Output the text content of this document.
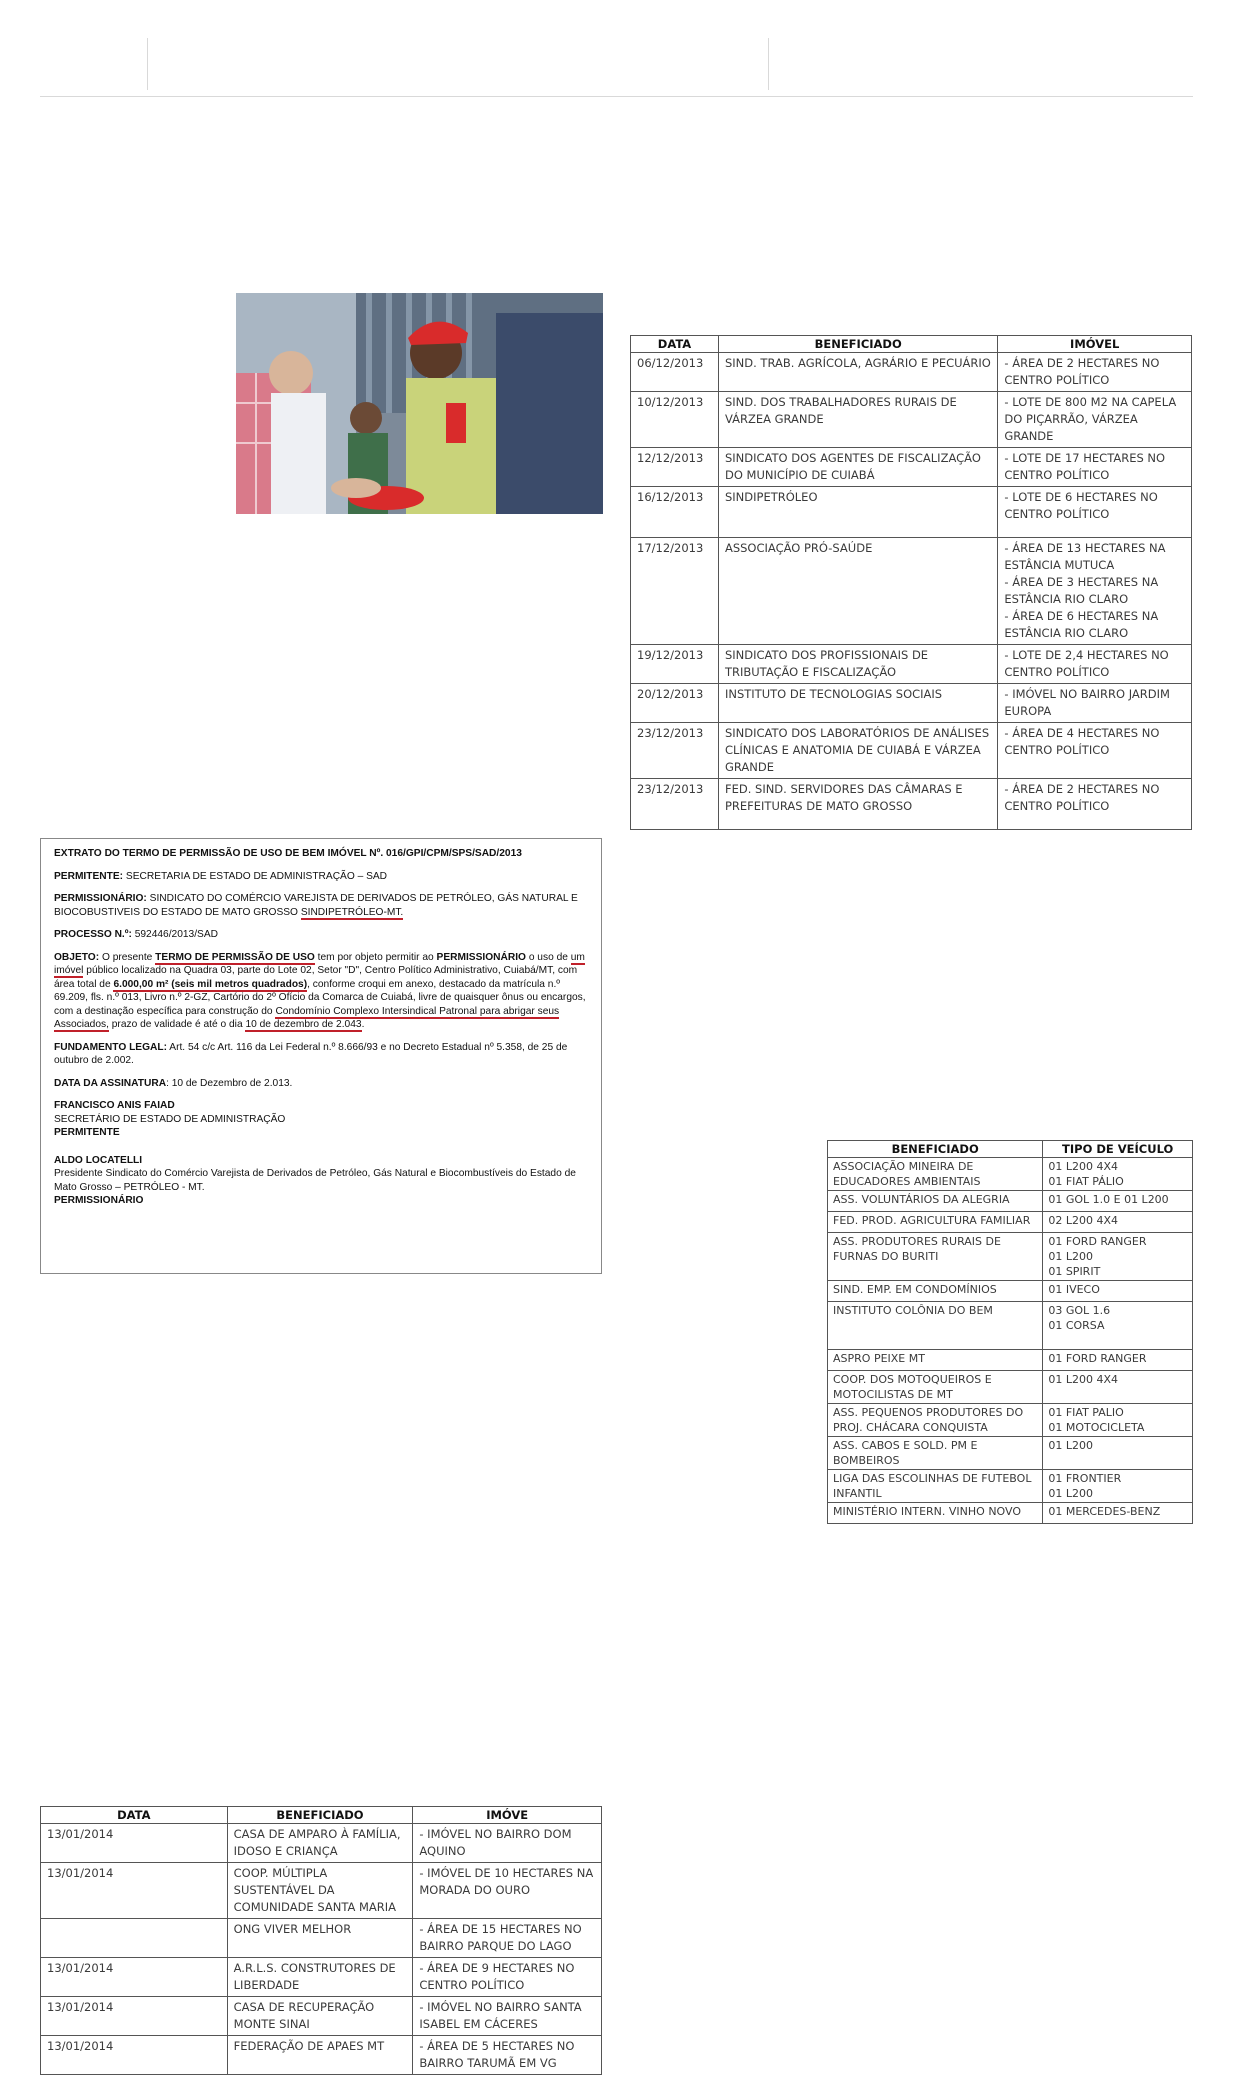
DATA	BENEFICIADO	IMÓVEL
06/12/2013	SIND. TRAB. AGRÍCOLA, AGRÁRIO E PECUÁRIO	- ÁREA DE 2 HECTARES NO CENTRO POLÍTICO
10/12/2013	SIND. DOS TRABALHADORES RURAIS DE VÁRZEA GRANDE	- LOTE DE 800 M2 NA CAPELA DO PIÇARRÃO, VÁRZEA GRANDE
12/12/2013	SINDICATO DOS AGENTES DE FISCALIZAÇÃO DO MUNICÍPIO DE CUIABÁ	- LOTE DE 17 HECTARES NO CENTRO POLÍTICO
16/12/2013	SINDIPETRÓLEO	- LOTE DE 6 HECTARES NO CENTRO POLÍTICO
17/12/2013	ASSOCIAÇÃO PRÓ-SAÚDE	- ÁREA DE 13 HECTARES NA ESTÂNCIA MUTUCA
- ÁREA DE 3 HECTARES NA ESTÂNCIA RIO CLARO
- ÁREA DE 6 HECTARES NA ESTÂNCIA RIO CLARO
19/12/2013	SINDICATO DOS PROFISSIONAIS DE TRIBUTAÇÃO E FISCALIZAÇÃO	- LOTE DE 2,4 HECTARES NO CENTRO POLÍTICO
20/12/2013	INSTITUTO DE TECNOLOGIAS SOCIAIS	- IMÓVEL NO BAIRRO JARDIM EUROPA
23/12/2013	SINDICATO DOS LABORATÓRIOS DE ANÁLISES CLÍNICAS E ANATOMIA DE CUIABÁ E VÁRZEA GRANDE	- ÁREA DE 4 HECTARES NO CENTRO POLÍTICO
23/12/2013	FED. SIND. SERVIDORES DAS CÂMARAS E PREFEITURAS DE MATO GROSSO	- ÁREA DE 2 HECTARES NO CENTRO POLÍTICO

EXTRATO DO TERMO DE PERMISSÃO DE USO DE BEM IMÓVEL Nº. 016/GPI/CPM/SPS/SAD/2013

PERMITENTE: SECRETARIA DE ESTADO DE ADMINISTRAÇÃO – SAD

PERMISSIONÁRIO: SINDICATO DO COMÉRCIO VAREJISTA DE DERIVADOS DE PETRÓLEO, GÁS NATURAL E BIOCOBUSTIVEIS DO ESTADO DE MATO GROSSO SINDIPETRÓLEO-MT.

PROCESSO N.º: 592446/2013/SAD

OBJETO: O presente TERMO DE PERMISSÃO DE USO tem por objeto permitir ao PERMISSIONÁRIO o uso de um imóvel público localizado na Quadra 03, parte do Lote 02, Setor "D", Centro Político Administrativo, Cuiabá/MT, com área total de 6.000,00 m² (seis mil metros quadrados), conforme croqui em anexo, destacado da matrícula n.º 69.209, fls. n.º 013, Livro n.º 2-GZ, Cartório do 2º Ofício da Comarca de Cuiabá, livre de quaisquer ônus ou encargos, com a destinação específica para construção do Condomínio Complexo Intersindical Patronal para abrigar seus Associados, prazo de validade é até o dia 10 de dezembro de 2.043.

FUNDAMENTO LEGAL: Art. 54 c/c Art. 116 da Lei Federal n.º 8.666/93 e no Decreto Estadual nº 5.358, de 25 de outubro de 2.002.

DATA DA ASSINATURA: 10 de Dezembro de 2.013.

FRANCISCO ANIS FAIAD
SECRETÁRIO DE ESTADO DE ADMINISTRAÇÃO
PERMITENTE

ALDO LOCATELLI
Presidente Sindicato do Comércio Varejista de Derivados de Petróleo, Gás Natural e Biocombustíveis do Estado de Mato Grosso – PETRÓLEO - MT.
PERMISSIONÁRIO

BENEFICIADO	TIPO DE VEÍCULO
ASSOCIAÇÃO MINEIRA DE EDUCADORES AMBIENTAIS	01 L200 4X4
01 FIAT PÁLIO
ASS. VOLUNTÁRIOS DA ALEGRIA	01 GOL 1.0 E 01 L200
FED. PROD. AGRICULTURA FAMILIAR	02 L200 4X4
ASS. PRODUTORES RURAIS DE FURNAS DO BURITI	01 FORD RANGER
01 L200
01 SPIRIT
SIND. EMP. EM CONDOMÍNIOS	01 IVECO
INSTITUTO COLÔNIA DO BEM	03 GOL 1.6
01 CORSA
ASPRO PEIXE MT	01 FORD RANGER
COOP. DOS MOTOQUEIROS E MOTOCILISTAS DE MT	01 L200 4X4
ASS. PEQUENOS PRODUTORES DO PROJ. CHÁCARA CONQUISTA	01 FIAT PALIO
01 MOTOCICLETA
ASS. CABOS E SOLD. PM E BOMBEIROS	01 L200
LIGA DAS ESCOLINHAS DE FUTEBOL INFANTIL	01 FRONTIER
01 L200
MINISTÉRIO INTERN. VINHO NOVO	01 MERCEDES-BENZ
DATA	BENEFICIADO	IMÓVE
13/01/2014	CASA DE AMPARO À FAMÍLIA, IDOSO E CRIANÇA	- IMÓVEL NO BAIRRO DOM AQUINO
13/01/2014	COOP. MÚLTIPLA SUSTENTÁVEL DA COMUNIDADE SANTA MARIA	- IMÓVEL DE 10 HECTARES NA MORADA DO OURO
	ONG VIVER MELHOR	- ÁREA DE 15 HECTARES NO BAIRRO PARQUE DO LAGO
13/01/2014	A.R.L.S. CONSTRUTORES DE LIBERDADE	- ÁREA DE 9 HECTARES NO CENTRO POLÍTICO
13/01/2014	CASA DE RECUPERAÇÃO MONTE SINAI	- IMÓVEL NO BAIRRO SANTA ISABEL EM CÁCERES
13/01/2014	FEDERAÇÃO DE APAES MT	- ÁREA DE 5 HECTARES NO BAIRRO TARUMÃ EM VG
